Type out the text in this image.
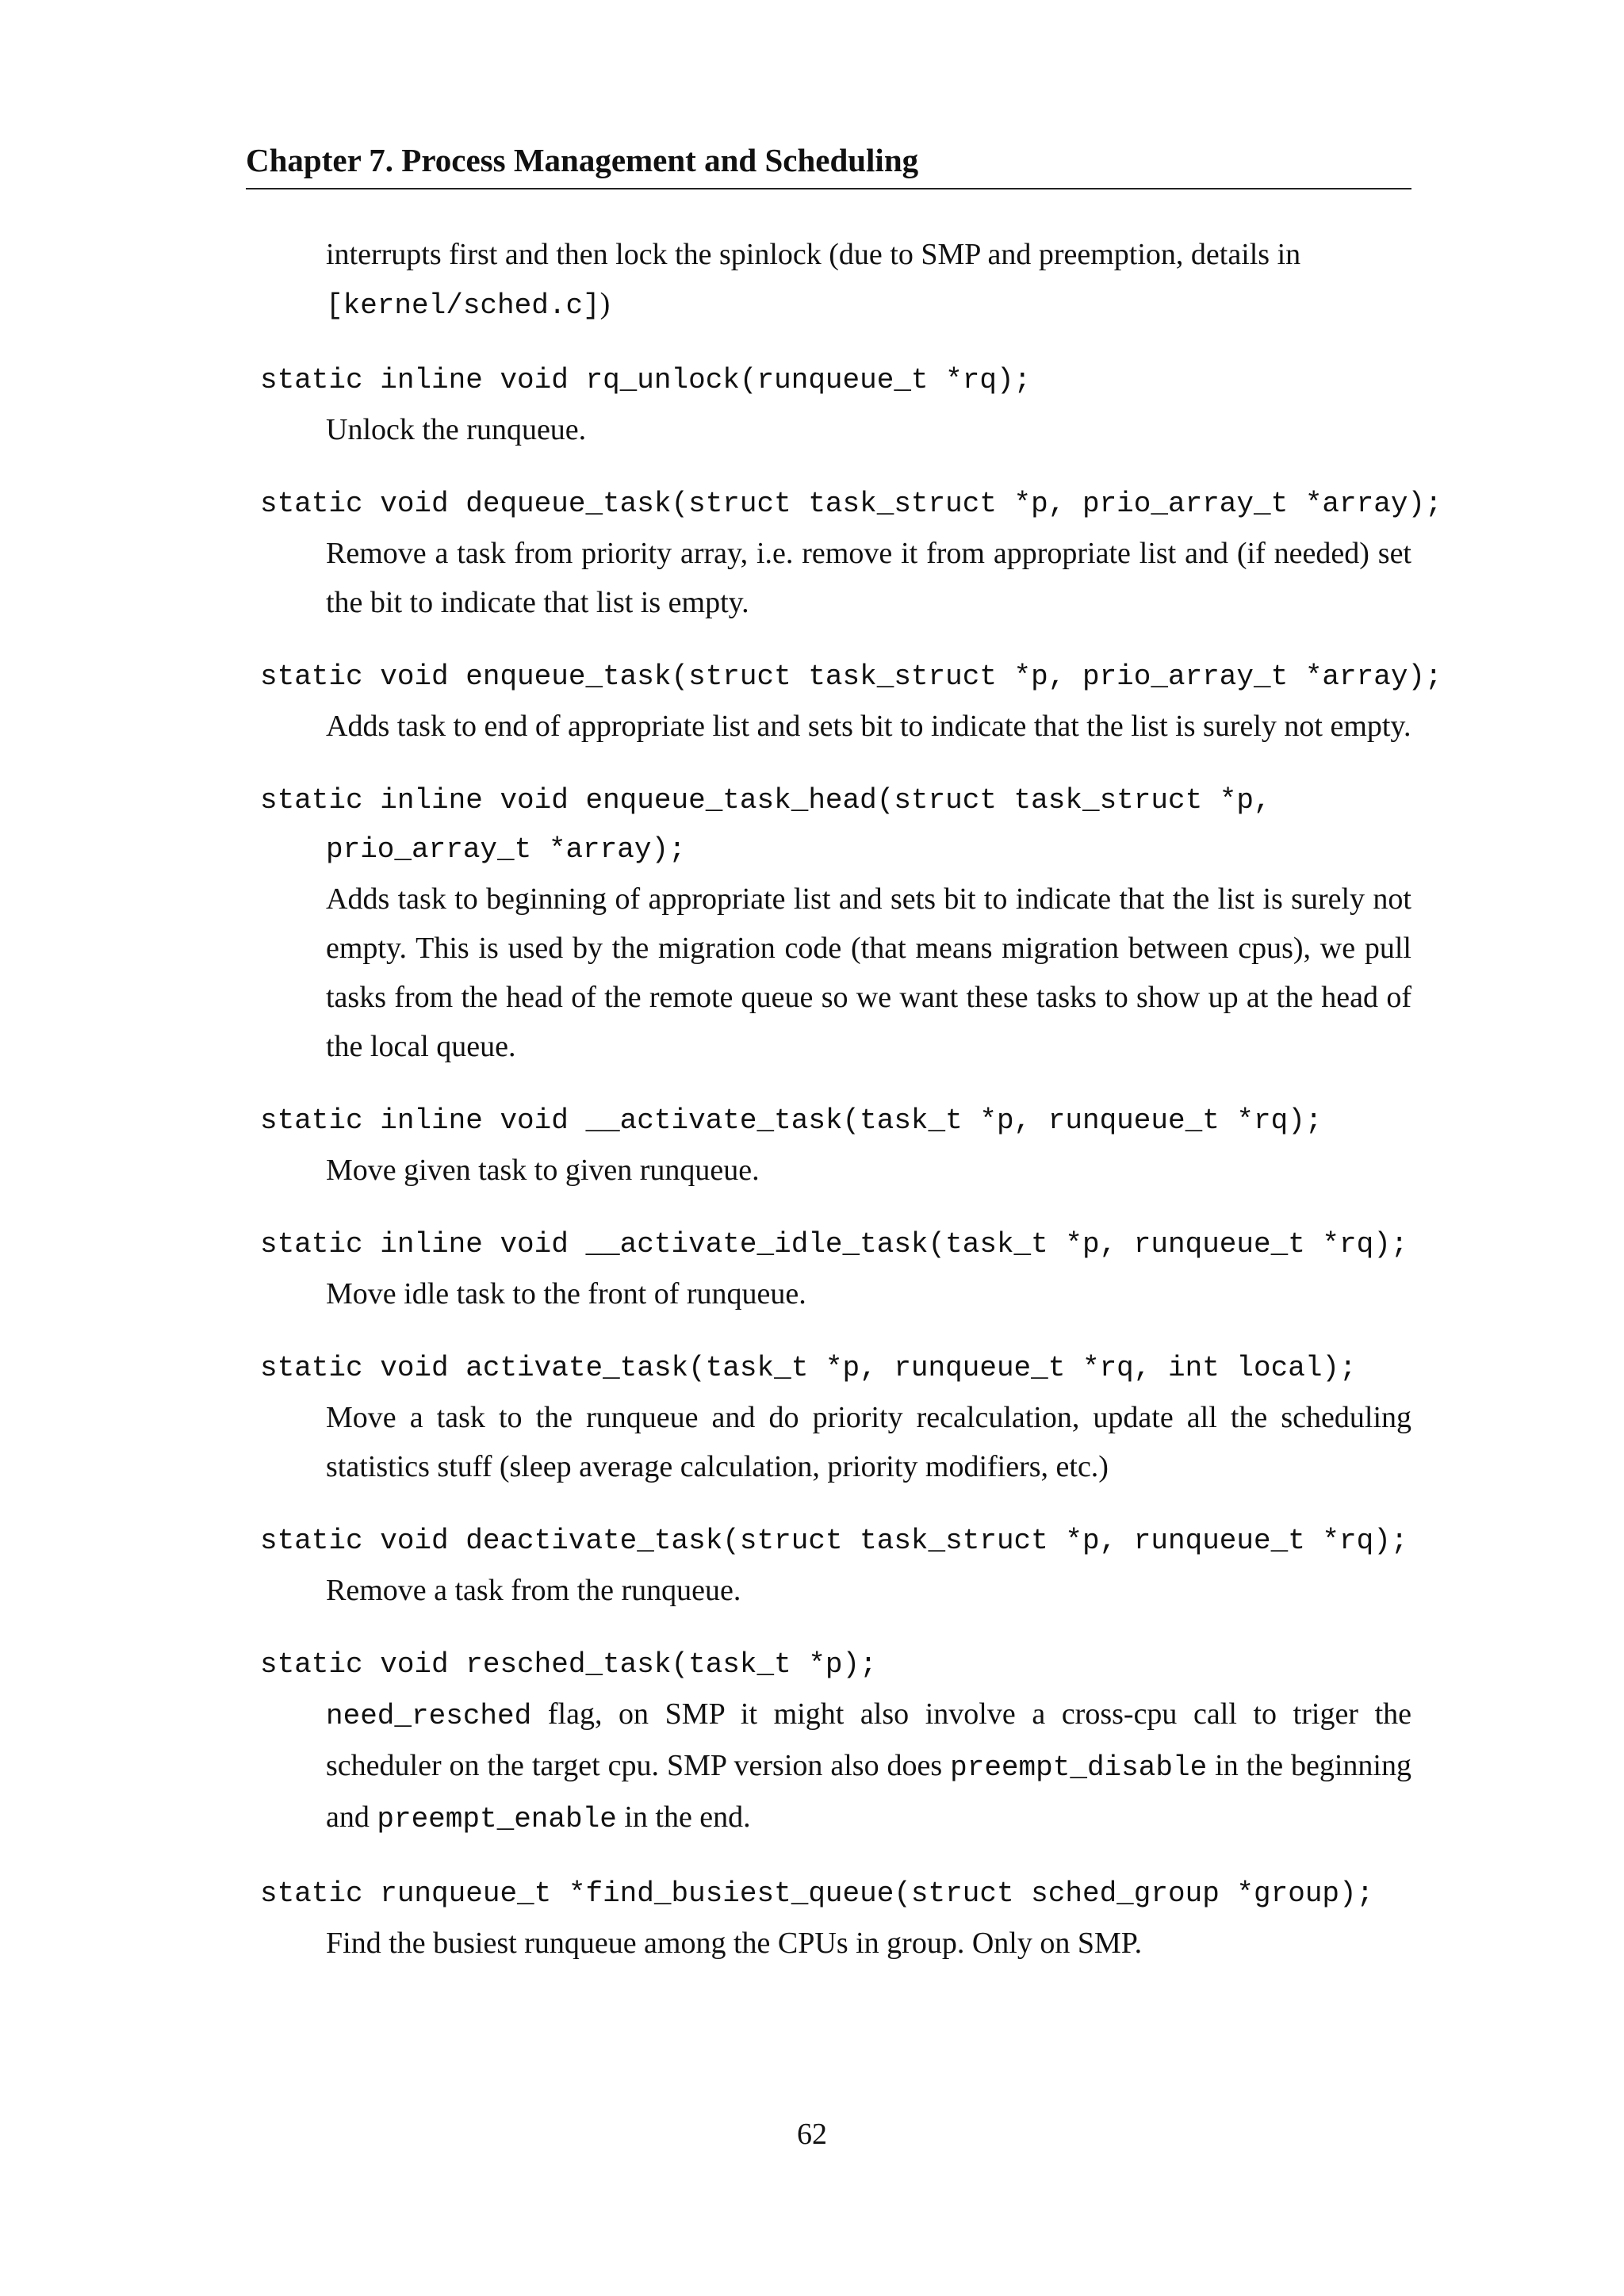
Chapter 7. Process Management and Scheduling
interrupts first and then lock the spinlock (due to SMP and preemption, details in [kernel/sched.c])
static inline void rq_unlock(runqueue_t *rq);
Unlock the runqueue.
static void dequeue_task(struct task_struct *p, prio_array_t *array);
Remove a task from priority array, i.e. remove it from appropriate list and (if needed) set the bit to indicate that list is empty.
static void enqueue_task(struct task_struct *p, prio_array_t *array);
Adds task to end of appropriate list and sets bit to indicate that the list is surely not empty.
static inline void enqueue_task_head(struct task_struct *p,
prio_array_t *array);
Adds task to beginning of appropriate list and sets bit to indicate that the list is surely not empty. This is used by the migration code (that means migration between cpus), we pull tasks from the head of the remote queue so we want these tasks to show up at the head of the local queue.
static inline void __activate_task(task_t *p, runqueue_t *rq);
Move given task to given runqueue.
static inline void __activate_idle_task(task_t *p, runqueue_t *rq);
Move idle task to the front of runqueue.
static void activate_task(task_t *p, runqueue_t *rq, int local);
Move a task to the runqueue and do priority recalculation, update all the scheduling statistics stuff (sleep average calculation, priority modifiers, etc.)
static void deactivate_task(struct task_struct *p, runqueue_t *rq);
Remove a task from the runqueue.
static void resched_task(task_t *p);
need_resched flag, on SMP it might also involve a cross-cpu call to triger the scheduler on the target cpu. SMP version also does preempt_disable in the beginning and preempt_enable in the end.
static runqueue_t *find_busiest_queue(struct sched_group *group);
Find the busiest runqueue among the CPUs in group. Only on SMP.
62
